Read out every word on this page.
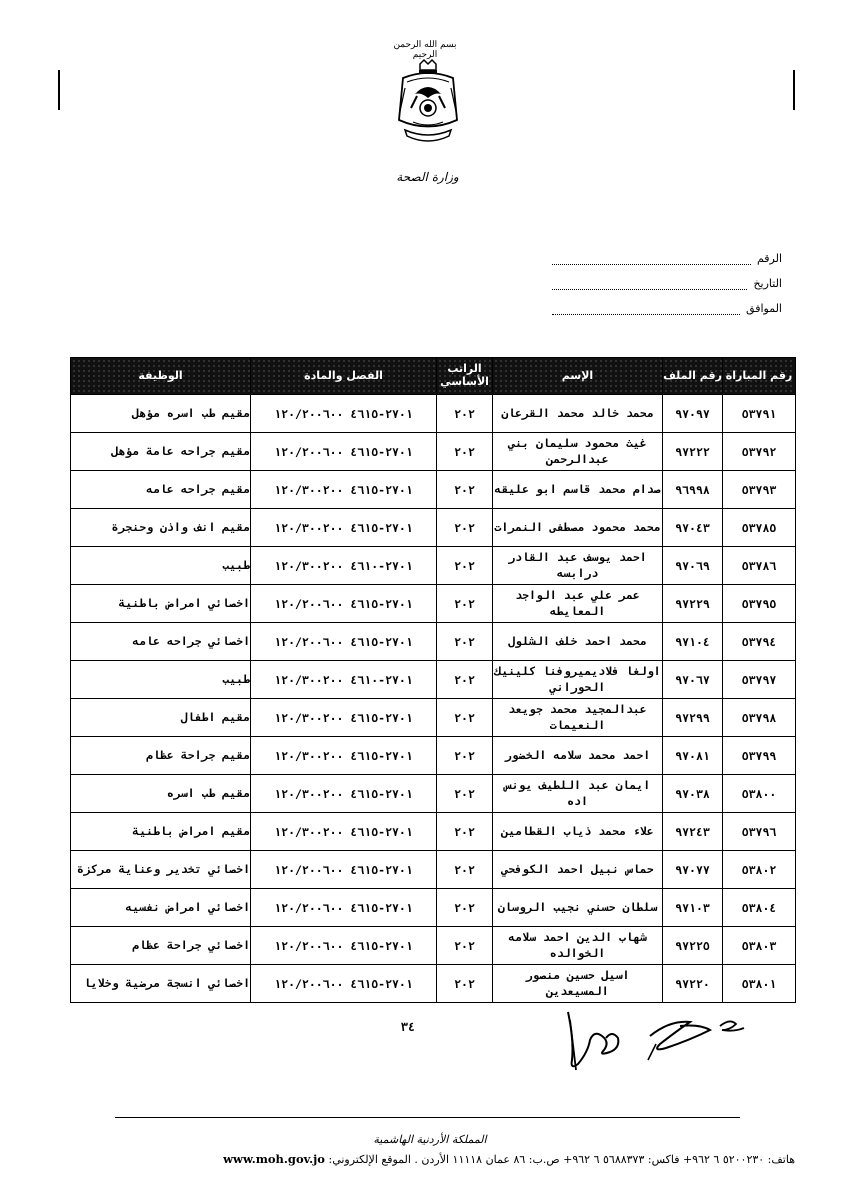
بسم الله الرحمن الرحيم
وزارة الصحة
الرقم
التاريخ
الموافق
رقم المباراة	رقم الملف	الإسم	الراتب الأساسي	الفصل والمادة	الوظيفة
٥٣٧٩١	٩٧٠٩٧	محمد خالد محمد القرعان	٢٠٢	٢٧٠١-٤٦١٥ ١٢٠/٢٠٠٦٠٠	مقيم طب اسره مؤهل
٥٣٧٩٢	٩٧٢٢٢	غيث محمود سليمان بني عبدالرحمن	٢٠٢	٢٧٠١-٤٦١٥ ١٢٠/٢٠٠٦٠٠	مقيم جراحه عامة مؤهل
٥٣٧٩٣	٩٦٩٩٨	صدام محمد قاسم ابو عليقه	٢٠٢	٢٧٠١-٤٦١٥ ١٢٠/٣٠٠٢٠٠	مقيم جراحه عامه
٥٣٧٨٥	٩٧٠٤٣	محمد محمود مصطفى النمرات	٢٠٢	٢٧٠١-٤٦١٥ ١٢٠/٣٠٠٢٠٠	مقيم انف واذن وحنجرة
٥٣٧٨٦	٩٧٠٦٩	احمد يوسف عبد القادر درابسه	٢٠٢	٢٧٠١-٤٦١٠ ١٢٠/٣٠٠٢٠٠	طبيب
٥٣٧٩٥	٩٧٢٢٩	عمر علي عبد الواجد المعايطه	٢٠٢	٢٧٠١-٤٦١٥ ١٢٠/٢٠٠٦٠٠	اخصائي امراض باطنية
٥٣٧٩٤	٩٧١٠٤	محمد احمد خلف الشلول	٢٠٢	٢٧٠١-٤٦١٥ ١٢٠/٢٠٠٦٠٠	اخصائي جراحه عامه
٥٣٧٩٧	٩٧٠٦٧	اولغا فلاديميروفنا كلينيك الحوراني	٢٠٢	٢٧٠١-٤٦١٠ ١٢٠/٣٠٠٢٠٠	طبيب
٥٣٧٩٨	٩٧٢٩٩	عبدالمجيد محمد جويعد النعيمات	٢٠٢	٢٧٠١-٤٦١٥ ١٢٠/٣٠٠٢٠٠	مقيم اطفال
٥٣٧٩٩	٩٧٠٨١	احمد محمد سلامه الخضور	٢٠٢	٢٧٠١-٤٦١٥ ١٢٠/٣٠٠٢٠٠	مقيم جراحة عظام
٥٣٨٠٠	٩٧٠٣٨	ايمان عبد اللطيف يونس اده	٢٠٢	٢٧٠١-٤٦١٥ ١٢٠/٣٠٠٢٠٠	مقيم طب اسره
٥٣٧٩٦	٩٧٢٤٣	علاء محمد ذياب القطامين	٢٠٢	٢٧٠١-٤٦١٥ ١٢٠/٣٠٠٢٠٠	مقيم امراض باطنية
٥٣٨٠٢	٩٧٠٧٧	حماس نبيل احمد الكوفحي	٢٠٢	٢٧٠١-٤٦١٥ ١٢٠/٢٠٠٦٠٠	اخصائي تخدير وعناية مركزة
٥٣٨٠٤	٩٧١٠٣	سلطان حسني نجيب الروسان	٢٠٢	٢٧٠١-٤٦١٥ ١٢٠/٢٠٠٦٠٠	اخصائي امراض نفسيه
٥٣٨٠٣	٩٧٢٢٥	شهاب الدين احمد سلامه الخوالده	٢٠٢	٢٧٠١-٤٦١٥ ١٢٠/٢٠٠٦٠٠	اخصائي جراحة عظام
٥٣٨٠١	٩٧٢٢٠	اسيل حسين منصور المسيعدين	٢٠٢	٢٧٠١-٤٦١٥ ١٢٠/٢٠٠٦٠٠	اخصائي انسجة مرضية وخلايا
٣٤
المملكة الأردنية الهاشمية
هاتف: ٥٢٠٠٢٣٠ ٦ ٩٦٢+ فاكس: ٥٦٨٨٣٧٣ ٦ ٩٦٢+ ص.ب: ٨٦ عمان ١١١١٨ الأردن . الموقع الإلكتروني: www.moh.gov.jo
